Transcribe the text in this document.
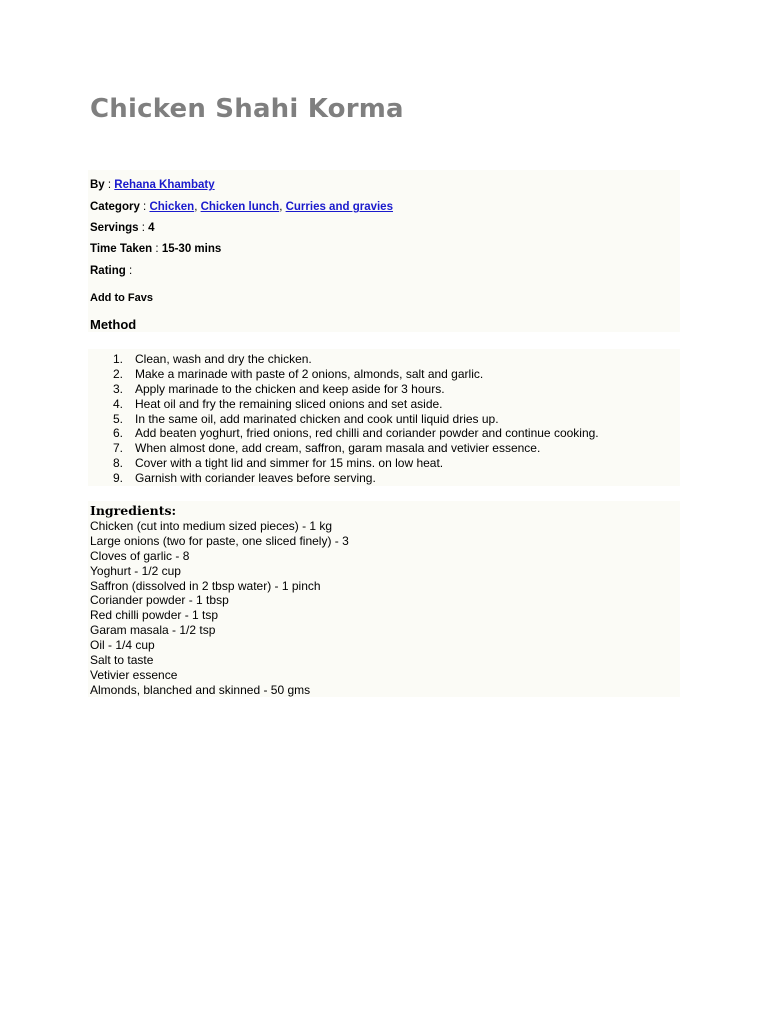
Chicken Shahi Korma
By : Rehana Khambaty
Category : Chicken, Chicken lunch, Curries and gravies
Servings : 4
Time Taken : 15-30 mins
Rating :
Add to Favs
Method
1. Clean, wash and dry the chicken.
2. Make a marinade with paste of 2 onions, almonds, salt and garlic.
3. Apply marinade to the chicken and keep aside for 3 hours.
4. Heat oil and fry the remaining sliced onions and set aside.
5. In the same oil, add marinated chicken and cook until liquid dries up.
6. Add beaten yoghurt, fried onions, red chilli and coriander powder and continue cooking.
7. When almost done, add cream, saffron, garam masala and vetivier essence.
8. Cover with a tight lid and simmer for 15 mins. on low heat.
9. Garnish with coriander leaves before serving.
Ingredients:
Chicken (cut into medium sized pieces) - 1 kg
Large onions (two for paste, one sliced finely) - 3
Cloves of garlic - 8
Yoghurt - 1/2 cup
Saffron (dissolved in 2 tbsp water) - 1 pinch
Coriander powder - 1 tbsp
Red chilli powder - 1 tsp
Garam masala - 1/2 tsp
Oil - 1/4 cup
Salt to taste
Vetivier essence
Almonds, blanched and skinned - 50 gms
